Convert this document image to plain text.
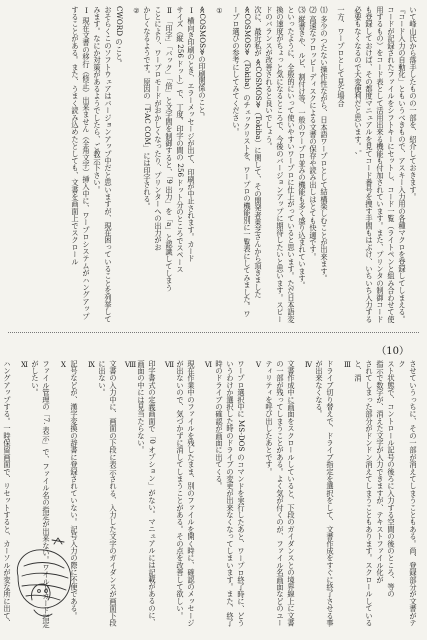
いて峰山氏から落手したものの一部を、紹介しておきます。

『コード入力の自動化」ともいうべきもので、アスキー入力用の各種マクロを登録してしまえる。コードが記録されたファイルをシフトキーにセットし、コード一覧（ライトペンと組み合わせて使用するもの）をコード表として活用出来る機能も付加されています。また、プリンタの制御コードも登録しておけば、その都度マニュアルを見てコード番号を捜す手間もはぶけ、いちいち入力する必要もなくなるので大変便利だと思います。',

一方、ワープロとして見た場合

⑴ 多少のつたない操作性ながら、日本語ワープロとして結構楽しむことが出来ます。

⑵ 高速なフロッピーディスクによる文書の保存や読み出しはとても快適です。

⑶ 縦書きや、ルビ、割付け等、一般のワープロ並みの機能も多く盛り込まれています。

といったように、全般的にいって使いやすいワープロに仕上がっていると思います。ただ日本語変換の速度がちょっと気になるところで、今後のバージョンアップに期待したいと思います。スピードのバランスが改善されると良いでしょう。

次に、最近私が ≪COSMOS≫（Tokiba）に関して、その開発者東芝さんから頂きました ≪COSMOS≫（Tokiba）のチェックリストを、ワープロの機能別に一覧表にしてみました。ワープロ選びの参考にしてみてください。

①

≪COSMOS≫の印刷関係のこと。

Ⅰ 横向き印刷のとき、エラーメッセージが出て、印刷が中止されます。カード

サイズ（縦 256 ドット）で、丁度、印字の間の 256 ドット分のところでスペース

Ⅱ 「印字」「バック」「倍」と文字間を制御すると、「9 出力」を「a」と認識してしまう

ことにより、ワープロモードがおかしくなったり、プリンターへの出力がお

かしくなるようです。原因の「T-AC COM」には印字される。

②

CWORD のこと。

おそらくこのソフトウェアはバージョンアップ中だと思いますが、現在困っていることを列挙してみます。なにか対策があるようでしたら、ご教示下さい。

Ⅰ 現在文書の移行（修正）出来ません（全角文字）挿入中に、ワープロシステムがハングアップすることがある。また、うまく読み込めたとしても、文書を画面上でスクロール

（10）

させていうっちに、その一部が消えてしまうこともある。尚、登録部分が文書がテク

スト状態で、コントロール記号の後ろに入力する空間の後のところ、等の

指示で数字が、消えた文字が入力できますが、テキストファイル化が

されてしまった部分がドンドン消えてしまうこともあります。スクロールしていると、消

Ⅲ

ドライブ切り替えで、ドライブ指定を選択をして、文書作成をすぐに終了させる事が出来なくなる。

Ⅳ

文書作成中に画面をスクロールしていると、下段のガイダンスとの境界線上に文書の一部が残ってしまうことがある。よく気が付くのが、ファイル名画面などのユーティリティを呼び出したあとです。

Ⅴ

ワープロ選択中に MS-DOS のコマンドを実行したあと、ワープロ終了時に、どういうわけか選択した時のドライブの変更が出来なくなってしまいます。また、終了時のドライブの確認が画面に出てくる。

Ⅵ

現在作業中のファイルを残したまま、別のファイルを開く時に、確認のメッセージが出ないので、気づかずに消してしまうことがある。その点を改善して欲しい。

Ⅶ

印字書式の定義画面で「0 オプション」がない。マニュアルには記載があるのに、画面の中には見当たらない。

Ⅷ

文書の入力中に、画面の下段に表示される、入力した文字のガイダンスが画面下段に出ない。

Ⅸ

記号などが、漢字変換の辞書に登録されていない。記号入力の際に不便である。

Ⅹ

ファイル管理の「7. 表示」で、ファイル名の指定が出来ない。ワイルドカード指定がしたい。

Ⅺ

ハングアップする。一時保留画面で、リセットすると、カーソルが変な所に出て、
